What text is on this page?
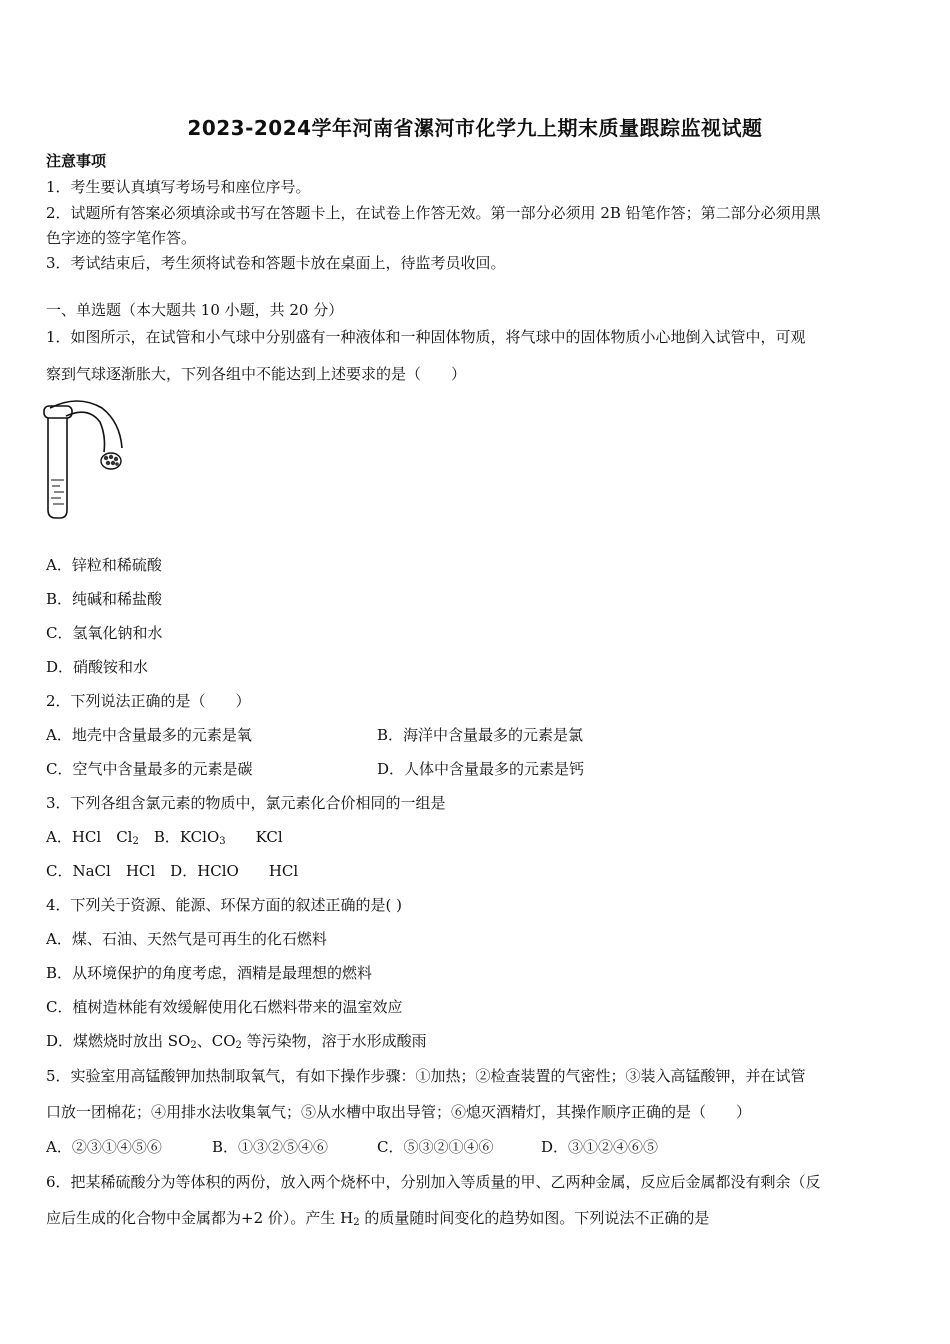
2023-2024学年河南省漯河市化学九上期末质量跟踪监视试题
注意事项
1．考生要认真填写考场号和座位序号。
2．试题所有答案必须填涂或书写在答题卡上，在试卷上作答无效。第一部分必须用 2B 铅笔作答；第二部分必须用黑
色字迹的签字笔作答。
3．考试结束后，考生须将试卷和答题卡放在桌面上，待监考员收回。
一、单选题（本大题共 10 小题，共 20 分）
1．如图所示，在试管和小气球中分别盛有一种液体和一种固体物质，将气球中的固体物质小心地倒入试管中，可观
察到气球逐渐胀大，下列各组中不能达到上述要求的是（　　）
A．锌粒和稀硫酸
B．纯碱和稀盐酸
C．氢氧化钠和水
D．硝酸铵和水
2．下列说法正确的是（　　）
A．地壳中含量最多的元素是氧	B．海洋中含量最多的元素是氯
C．空气中含量最多的元素是碳	D．人体中含量最多的元素是钙
3．下列各组含氯元素的物质中，氯元素化合价相同的一组是
A．HCl　$Cl_2$　B．KClO$_3$　　KCl
C．NaCl　HCl　D．HClO　　HCl
4．下列关于资源、能源、环保方面的叙述正确的是( )
A．煤、石油、天然气是可再生的化石燃料
B．从环境保护的角度考虑，酒精是最理想的燃料
C．植树造林能有效缓解使用化石燃料带来的温室效应
D．煤燃烧时放出 $SO_2$、$CO_2$ 等污染物，溶于水形成酸雨
5．实验室用高锰酸钾加热制取氧气，有如下操作步骤：①加热；②检查装置的气密性；③装入高锰酸钾，并在试管
口放一团棉花；④用排水法收集氧气；⑤从水槽中取出导管；⑥熄灭酒精灯，其操作顺序正确的是（　　）
A．②③①④⑤⑥	B．①③②⑤④⑥	C．⑤③②①④⑥	D．③①②④⑥⑤
6．把某稀硫酸分为等体积的两份，放入两个烧杯中，分别加入等质量的甲、乙两种金属，反应后金属都没有剩余（反
应后生成的化合物中金属都为+2 价）。产生 $H_2$ 的质量随时间变化的趋势如图。下列说法不正确的是
